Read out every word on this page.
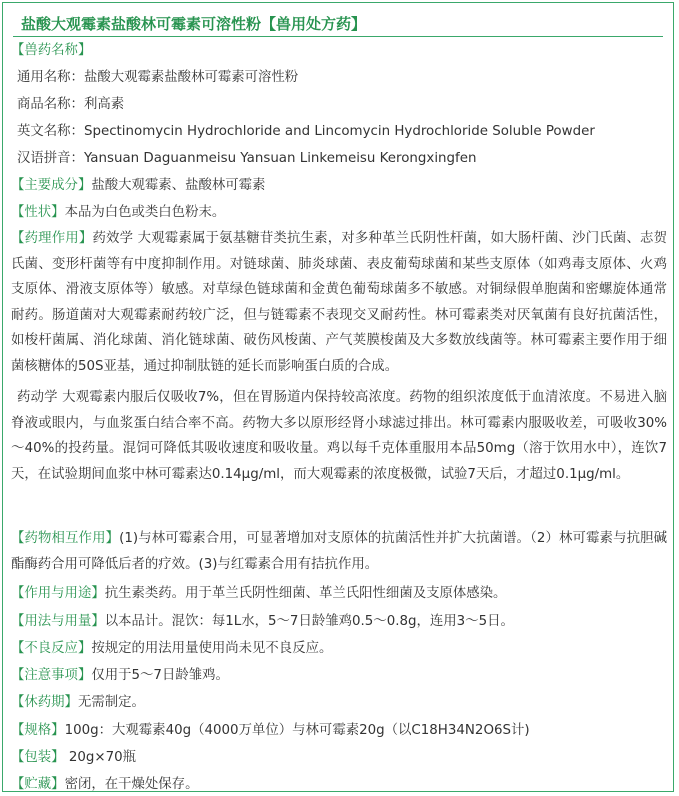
盐酸大观霉素盐酸林可霉素可溶性粉【兽用处方药】
【兽药名称】
通用名称：盐酸大观霉素盐酸林可霉素可溶性粉
商品名称：利高素
英文名称：Spectinomycin Hydrochloride and Lincomycin Hydrochloride Soluble Powder
汉语拼音：Yansuan Daguanmeisu Yansuan Linkemeisu Kerongxingfen
【主要成分】盐酸大观霉素、盐酸林可霉素
【性状】本品为白色或类白色粉末。

【药理作用】药效学 大观霉素属于氨基糖苷类抗生素，对多种革兰氏阴性杆菌，如大肠杆菌、沙门氏菌、志贺氏菌、变形杆菌等有中度抑制作用。对链球菌、肺炎球菌、表皮葡萄球菌和某些支原体（如鸡毒支原体、火鸡支原体、滑液支原体等）敏感。对草绿色链球菌和金黄色葡萄球菌多不敏感。对铜绿假单胞菌和密螺旋体通常耐药。肠道菌对大观霉素耐药较广泛，但与链霉素不表现交叉耐药性。林可霉素类对厌氧菌有良好抗菌活性，如梭杆菌属、消化球菌、消化链球菌、破伤风梭菌、产气荚膜梭菌及大多数放线菌等。林可霉素主要作用于细菌核糖体的50S亚基，通过抑制肽链的延长而影响蛋白质的合成。

药动学 大观霉素内服后仅吸收7%，但在胃肠道内保持较高浓度。药物的组织浓度低于血清浓度。不易进入脑脊液或眼内，与血浆蛋白结合率不高。药物大多以原形经肾小球滤过排出。林可霉素内服吸收差，可吸收30%～40%的投药量。混饲可降低其吸收速度和吸收量。鸡以每千克体重服用本品50mg（溶于饮用水中），连饮7天，在试验期间血浆中林可霉素达0.14μg/ml，而大观霉素的浓度极微，试验7天后，才超过0.1μg/ml。

【药物相互作用】(1)与林可霉素合用，可显著增加对支原体的抗菌活性并扩大抗菌谱。（2）林可霉素与抗胆碱酯酶药合用可降低后者的疗效。(3)与红霉素合用有拮抗作用。

【作用与用途】抗生素类药。用于革兰氏阴性细菌、革兰氏阳性细菌及支原体感染。
【用法与用量】以本品计。混饮：每1L水，5～7日龄雏鸡0.5～0.8g，连用3～5日。
【不良反应】按规定的用法用量使用尚未见不良反应。
【注意事项】仅用于5～7日龄雏鸡。
【休药期】无需制定。
【规格】100g：大观霉素40g（4000万单位）与林可霉素20g（以C18H34N2O6S计)
【包装】 20g×70瓶
【贮藏】密闭，在干燥处保存。
